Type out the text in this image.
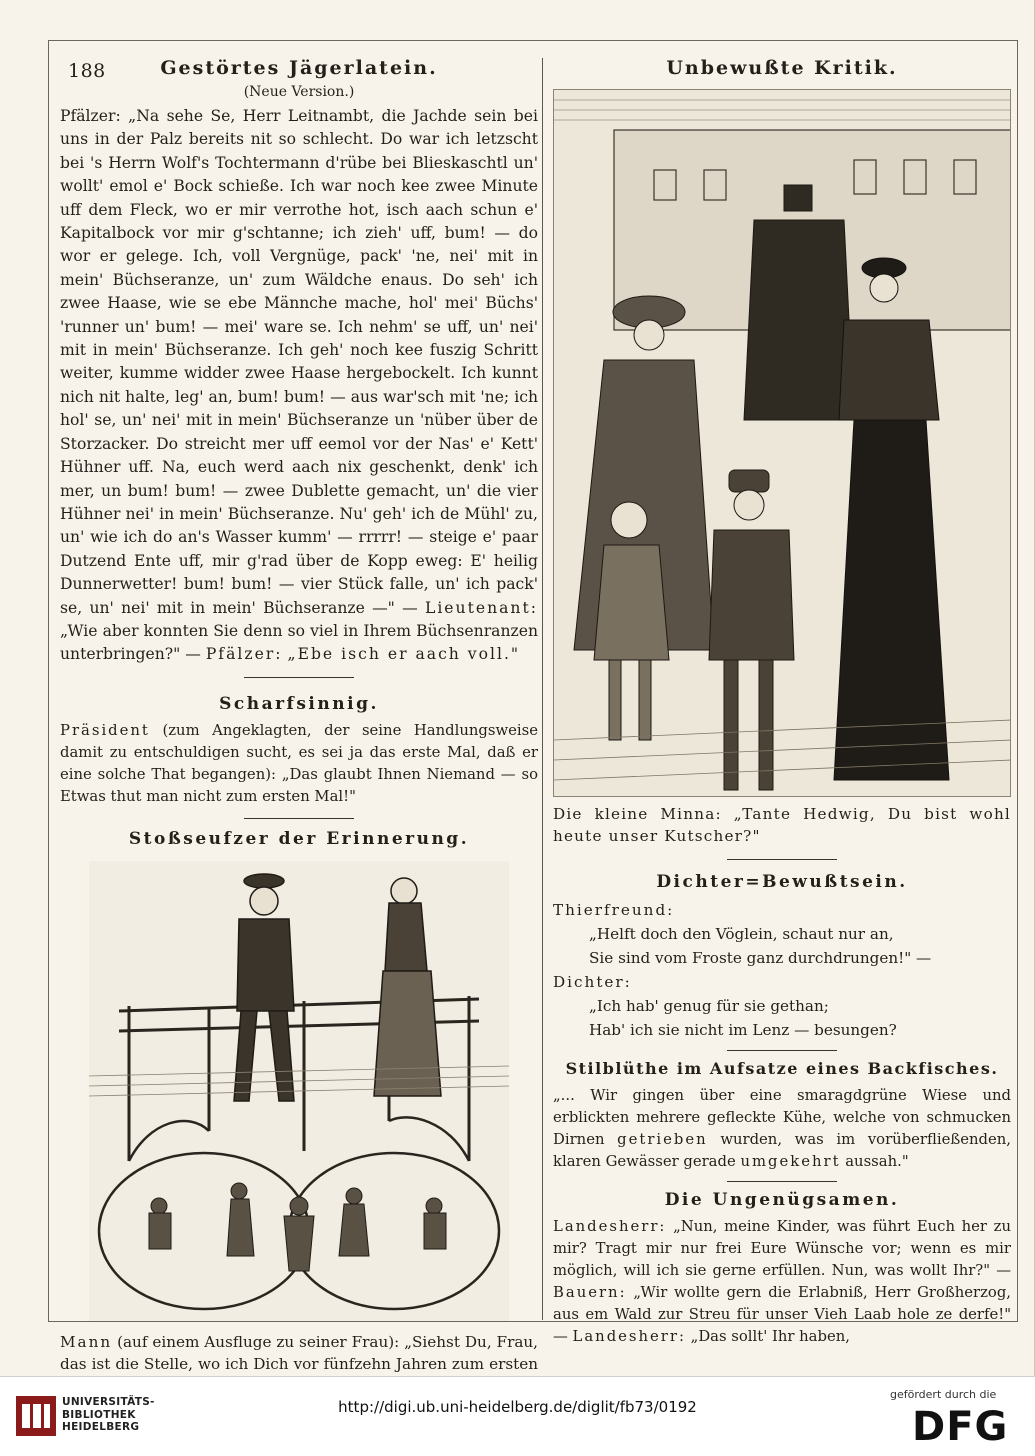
188	Gestörtes Jägerlatein.
(Neue Version.)
Pfälzer: „Na sehe Se, Herr Leitnambt, die Jachde sein bei uns in der Palz bereits nit so schlecht. Do war ich letzscht bei 's Herrn Wolf's Tochtermann d'rübe bei Blieskaschtl un' wollt' emol e' Bock schieße. Ich war noch kee zwee Minute uff dem Fleck, wo er mir verrothe hot, isch aach schun e' Kapitalbock vor mir g'schtanne; ich zieh' uff, bum! — do wor er gelege. Ich, voll Vergnüge, pack' 'ne, nei' mit in mein' Büchseranze, un' zum Wäldche enaus. Do seh' ich zwee Haase, wie se ebe Männche mache, hol' mei' Büchs' 'runner un' bum! — mei' ware se. Ich nehm' se uff, un' nei' mit in mein' Büchseranze. Ich geh' noch kee fuszig Schritt weiter, kumme widder zwee Haase hergebockelt. Ich kunnt nich nit halte, leg' an, bum! bum! — aus war'sch mit 'ne; ich hol' se, un' nei' mit in mein' Büchseranze un 'nüber über de Storzacker. Do streicht mer uff eemol vor der Nas' e' Kett' Hühner uff. Na, euch werd aach nix geschenkt, denk' ich mer, un bum! bum! — zwee Dublette gemacht, un' die vier Hühner nei' in mein' Büchseranze. Nu' geh' ich de Mühl' zu, un' wie ich do an's Wasser kumm' — rrrrr! — steige e' paar Dutzend Ente uff, mir g'rad über de Kopp eweg: E' heilig Dunnerwetter! bum! bum! — vier Stück falle, un' ich pack' se, un' nei' mit in mein' Büchseranze —" — Lieutenant: „Wie aber konnten Sie denn so viel in Ihrem Büchsenranzen unterbringen?" — Pfälzer: „Ebe isch er aach voll."
Scharfsinnig.
Präsident (zum Angeklagten, der seine Handlungsweise damit zu entschuldigen sucht, es sei ja das erste Mal, daß er eine solche That begangen): „Das glaubt Ihnen Niemand — so Etwas thut man nicht zum ersten Mal!"
Stoßseufzer der Erinnerung.
Mann (auf einem Ausfluge zu seiner Frau): „Siehst Du, Frau, das ist die Stelle, wo ich Dich vor fünfzehn Jahren zum ersten
Unbewußte Kritik.
Die kleine Minna: „Tante Hedwig, Du bist wohl heute unser Kutscher?"
Dichter=Bewußtsein.
Thierfreund:
„Helft doch den Vöglein, schaut nur an,
Sie sind vom Froste ganz durchdrungen!" —
Dichter:
„Ich hab' genug für sie gethan;
Hab' ich sie nicht im Lenz — besungen?
Stilblüthe im Aufsatze eines Backfisches.
„... Wir gingen über eine smaragdgrüne Wiese und erblickten mehrere gefleckte Kühe, welche von schmucken Dirnen getrieben wurden, was im vorüberfließenden, klaren Gewässer gerade umgekehrt aussah."
Die Ungenügsamen.
Landesherr: „Nun, meine Kinder, was führt Euch her zu mir? Tragt mir nur frei Eure Wünsche vor; wenn es mir möglich, will ich sie gerne erfüllen. Nun, was wollt Ihr?" — Bauern: „Wir wollte gern die Erlabniß, Herr Großherzog, aus em Wald zur Streu für unser Vieh Laab hole ze derfe!" — Landesherr: „Das sollt' Ihr haben,
UNIVERSITÄTS-
BIBLIOTHEK
HEIDELBERG
http://digi.ub.uni-heidelberg.de/diglit/fb73/0192
gefördert durch die
DFG
